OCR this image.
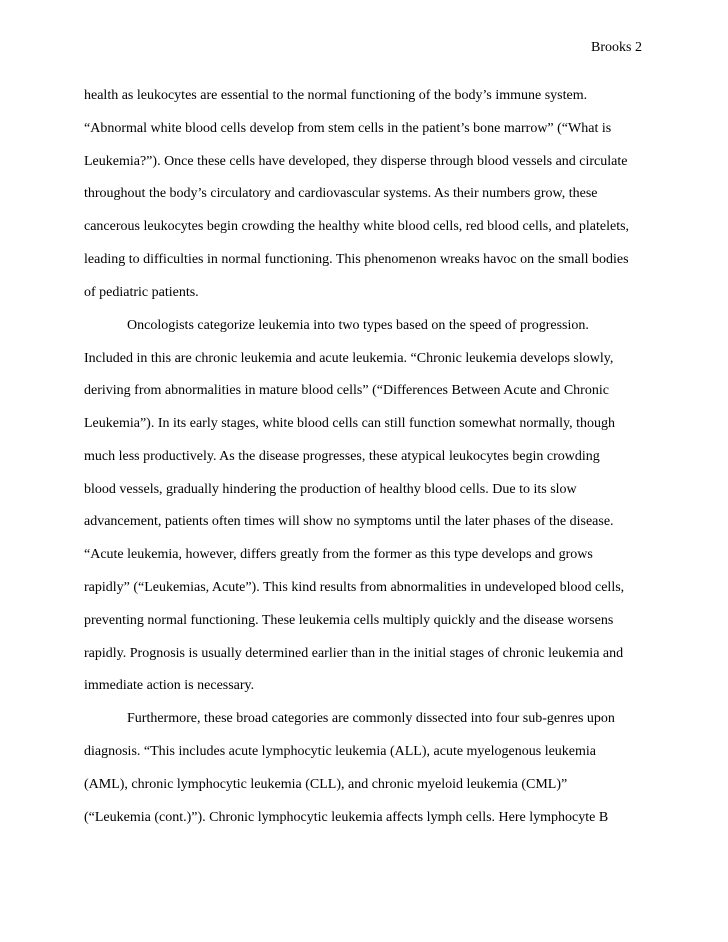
Brooks 2
health as leukocytes are essential to the normal functioning of the body’s immune system.
“Abnormal white blood cells develop from stem cells in the patient’s bone marrow” (“What is
Leukemia?”). Once these cells have developed, they disperse through blood vessels and circulate
throughout the body’s circulatory and cardiovascular systems. As their numbers grow, these
cancerous leukocytes begin crowding the healthy white blood cells, red blood cells, and platelets,
leading to difficulties in normal functioning. This phenomenon wreaks havoc on the small bodies
of pediatric patients.
Oncologists categorize leukemia into two types based on the speed of progression.
Included in this are chronic leukemia and acute leukemia. “Chronic leukemia develops slowly,
deriving from abnormalities in mature blood cells” (“Differences Between Acute and Chronic
Leukemia”). In its early stages, white blood cells can still function somewhat normally, though
much less productively. As the disease progresses, these atypical leukocytes begin crowding
blood vessels, gradually hindering the production of healthy blood cells. Due to its slow
advancement, patients often times will show no symptoms until the later phases of the disease.
“Acute leukemia, however, differs greatly from the former as this type develops and grows
rapidly” (“Leukemias, Acute”). This kind results from abnormalities in undeveloped blood cells,
preventing normal functioning. These leukemia cells multiply quickly and the disease worsens
rapidly. Prognosis is usually determined earlier than in the initial stages of chronic leukemia and
immediate action is necessary.
Furthermore, these broad categories are commonly dissected into four sub-genres upon
diagnosis. “This includes acute lymphocytic leukemia (ALL), acute myelogenous leukemia
(AML), chronic lymphocytic leukemia (CLL), and chronic myeloid leukemia (CML)”
(“Leukemia (cont.)”). Chronic lymphocytic leukemia affects lymph cells. Here lymphocyte B
